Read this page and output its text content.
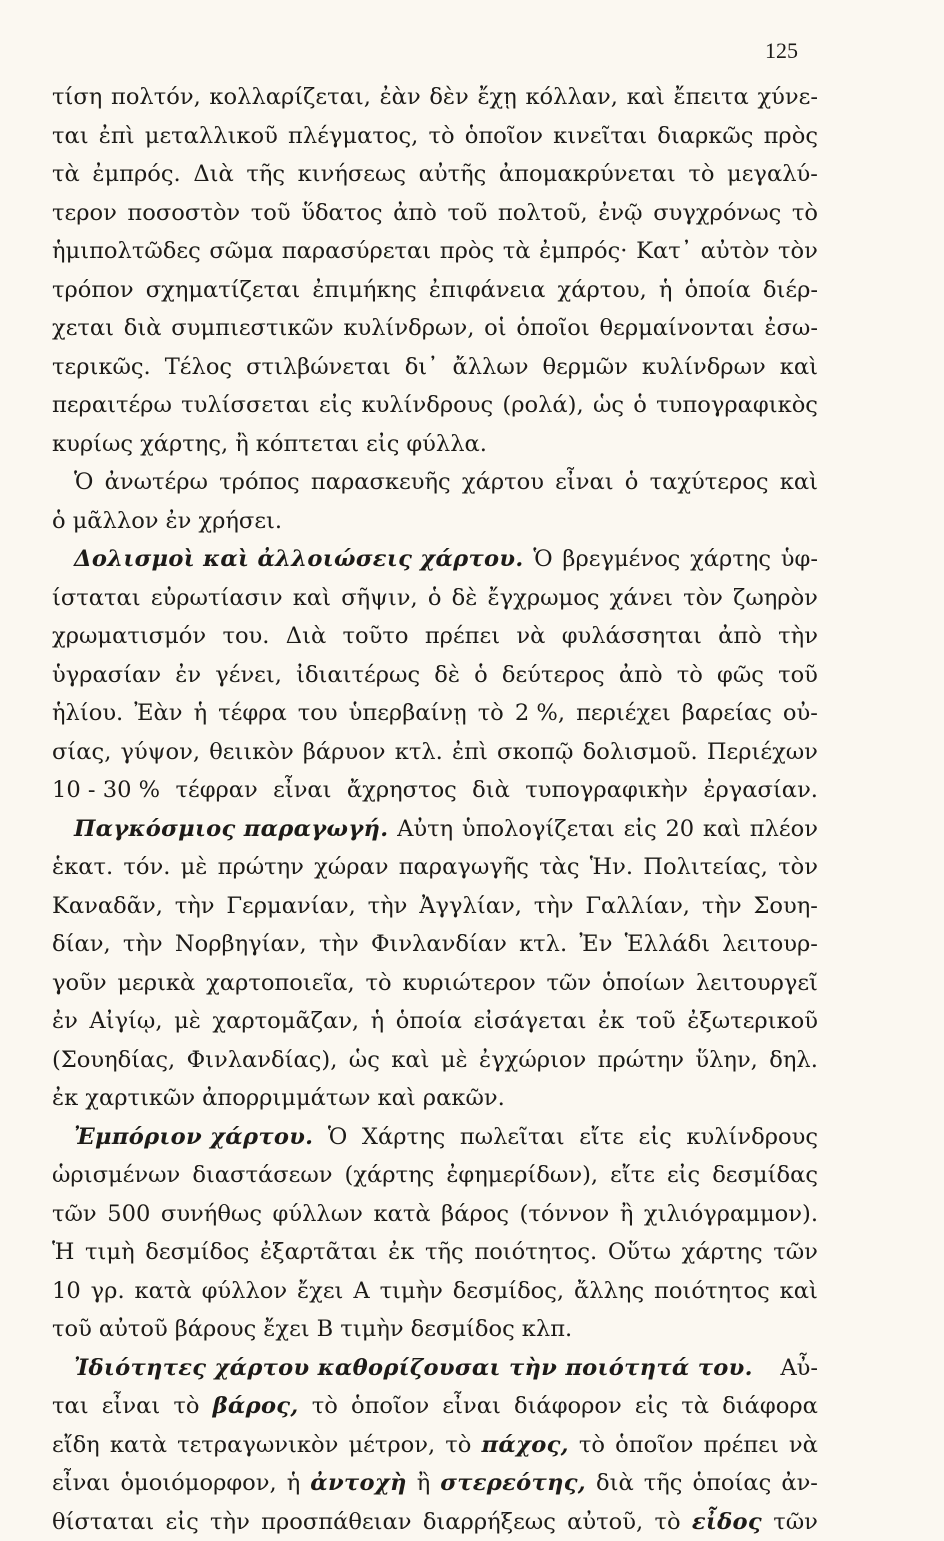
125
τίση πολτόν, κολλαρίζεται, ἐὰν δὲν ἔχῃ κόλλαν, καὶ ἔπειτα χύνε-
ται ἐπὶ μεταλλικοῦ πλέγματος, τὸ ὁποῖον κινεῖται διαρκῶς πρὸς
τὰ ἐμπρός. Διὰ τῆς κινήσεως αὐτῆς ἀπομακρύνεται τὸ μεγαλύ-
τερον ποσοστὸν τοῦ ὕδατος ἀπὸ τοῦ πολτοῦ, ἐνῷ συγχρόνως τὸ
ἡμιπολτῶδες σῶμα παρασύρεται πρὸς τὰ ἐμπρός· Κατ᾽ αὐτὸν τὸν
τρόπον σχηματίζεται ἐπιμήκης ἐπιφάνεια χάρτου, ἡ ὁποία διέρ-
χεται διὰ συμπιεστικῶν κυλίνδρων, οἱ ὁποῖοι θερμαίνονται ἐσω-
τερικῶς. Τέλος στιλβώνεται δι᾽ ἄλλων θερμῶν κυλίνδρων καὶ
περαιτέρω τυλίσσεται εἰς κυλίνδρους (ρολά), ὡς ὁ τυπογραφικὸς
κυρίως χάρτης, ἢ κόπτεται εἰς φύλλα.
Ὁ ἀνωτέρω τρόπος παρασκευῆς χάρτου εἶναι ὁ ταχύτερος καὶ
ὁ μᾶλλον ἐν χρήσει.
Δολισμοὶ καὶ ἀλλοιώσεις χάρτου. Ὁ βρεγμένος χάρτης ὑφ-
ίσταται εὐρωτίασιν καὶ σῆψιν, ὁ δὲ ἔγχρωμος χάνει τὸν ζωηρὸν
χρωματισμόν του. Διὰ τοῦτο πρέπει νὰ φυλάσσηται ἀπὸ τὴν
ὑγρασίαν ἐν γένει, ἰδιαιτέρως δὲ ὁ δεύτερος ἀπὸ τὸ φῶς τοῦ
ἡλίου. Ἐὰν ἡ τέφρα του ὑπερβαίνῃ τὸ 2 %, περιέχει βαρείας οὐ-
σίας, γύψον, θειικὸν βάρυον κτλ. ἐπὶ σκοπῷ δολισμοῦ. Περιέχων
10 - 30 % τέφραν εἶναι ἄχρηστος διὰ τυπογραφικὴν ἐργασίαν.
Παγκόσμιος παραγωγή. Αὐτη ὑπολογίζεται εἰς 20 καὶ πλέον
ἑκατ. τόν. μὲ πρώτην χώραν παραγωγῆς τὰς Ἡν. Πολιτείας, τὸν
Καναδᾶν, τὴν Γερμανίαν, τὴν Ἀγγλίαν, τὴν Γαλλίαν, τὴν Σουη-
δίαν, τὴν Νορβηγίαν, τὴν Φινλανδίαν κτλ. Ἐν Ἑλλάδι λειτουρ-
γοῦν μερικὰ χαρτοποιεῖα, τὸ κυριώτερον τῶν ὁποίων λειτουργεῖ
ἐν Αἰγίῳ, μὲ χαρτομᾶζαν, ἡ ὁποία εἰσάγεται ἐκ τοῦ ἐξωτερικοῦ
(Σουηδίας, Φινλανδίας), ὡς καὶ μὲ ἐγχώριον πρώτην ὕλην, δηλ.
ἐκ χαρτικῶν ἀπορριμμάτων καὶ ρακῶν.
Ἐμπόριον χάρτου. Ὁ Χάρτης πωλεῖται εἴτε εἰς κυλίνδρους
ὡρισμένων διαστάσεων (χάρτης ἐφημερίδων), εἴτε εἰς δεσμίδας
τῶν 500 συνήθως φύλλων κατὰ βάρος (τόννον ἢ χιλιόγραμμον).
Ἡ τιμὴ δεσμίδος ἐξαρτᾶται ἐκ τῆς ποιότητος. Οὕτω χάρτης τῶν
10 γρ. κατὰ φύλλον ἔχει Α τιμὴν δεσμίδος, ἄλλης ποιότητος καὶ
τοῦ αὐτοῦ βάρους ἔχει Β τιμὴν δεσμίδος κλπ.
Ἰδιότητες χάρτου καθορίζουσαι τὴν ποιότητά του. Αὖ-
ται εἶναι τὸ βάρος, τὸ ὁποῖον εἶναι διάφορον εἰς τὰ διάφορα
εἴδη κατὰ τετραγωνικὸν μέτρον, τὸ πάχος, τὸ ὁποῖον πρέπει νὰ
εἶναι ὁμοιόμορφον, ἡ ἀντοχὴ ἢ στερεότης, διὰ τῆς ὁποίας ἀν-
θίσταται εἰς τὴν προσπάθειαν διαρρήξεως αὐτοῦ, τὸ εἶδος τῶν
